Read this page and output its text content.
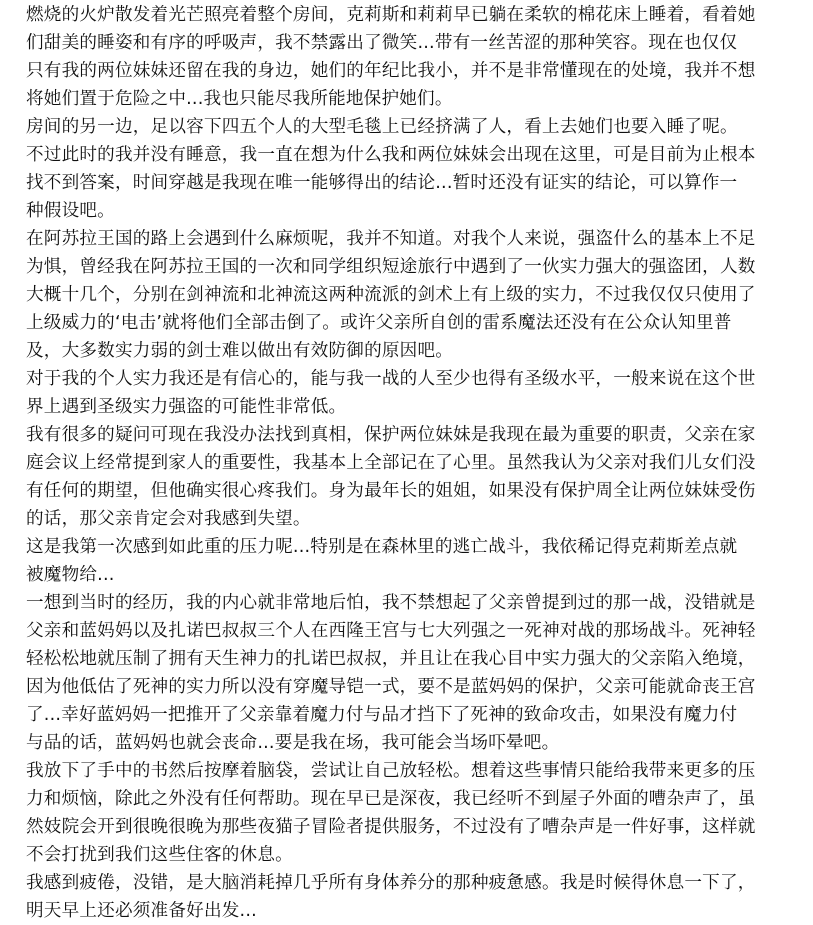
燃烧的火炉散发着光芒照亮着整个房间，克莉斯和莉莉早已躺在柔软的棉花床上睡着，看着她
们甜美的睡姿和有序的呼吸声，我不禁露出了微笑...带有一丝苦涩的那种笑容。现在也仅仅
只有我的两位妹妹还留在我的身边，她们的年纪比我小，并不是非常懂现在的处境，我并不想
将她们置于危险之中...我也只能尽我所能地保护她们。
房间的另一边，足以容下四五个人的大型毛毯上已经挤满了人，看上去她们也要入睡了呢。
不过此时的我并没有睡意，我一直在想为什么我和两位妹妹会出现在这里，可是目前为止根本
找不到答案，时间穿越是我现在唯一能够得出的结论...暂时还没有证实的结论，可以算作一
种假设吧。
在阿苏拉王国的路上会遇到什么麻烦呢，我并不知道。对我个人来说，强盗什么的基本上不足
为惧，曾经我在阿苏拉王国的一次和同学组织短途旅行中遇到了一伙实力强大的强盗团，人数
大概十几个，分别在剑神流和北神流这两种流派的剑术上有上级的实力，不过我仅仅只使用了
上级威力的‘电击’就将他们全部击倒了。或许父亲所自创的雷系魔法还没有在公众认知里普
及，大多数实力弱的剑士难以做出有效防御的原因吧。
对于我的个人实力我还是有信心的，能与我一战的人至少也得有圣级水平，一般来说在这个世
界上遇到圣级实力强盗的可能性非常低。
我有很多的疑问可现在我没办法找到真相，保护两位妹妹是我现在最为重要的职责，父亲在家
庭会议上经常提到家人的重要性，我基本上全部记在了心里。虽然我认为父亲对我们儿女们没
有任何的期望，但他确实很心疼我们。身为最年长的姐姐，如果没有保护周全让两位妹妹受伤
的话，那父亲肯定会对我感到失望。
这是我第一次感到如此重的压力呢...特别是在森林里的逃亡战斗，我依稀记得克莉斯差点就
被魔物给...
一想到当时的经历，我的内心就非常地后怕，我不禁想起了父亲曾提到过的那一战，没错就是
父亲和蓝妈妈以及扎诺巴叔叔三个人在西隆王宫与七大列强之一死神对战的那场战斗。死神轻
轻松松地就压制了拥有天生神力的扎诺巴叔叔，并且让在我心目中实力强大的父亲陷入绝境，
因为他低估了死神的实力所以没有穿魔导铠一式，要不是蓝妈妈的保护，父亲可能就命丧王宫
了...幸好蓝妈妈一把推开了父亲靠着魔力付与品才挡下了死神的致命攻击，如果没有魔力付
与品的话，蓝妈妈也就会丧命...要是我在场，我可能会当场吓晕吧。
我放下了手中的书然后按摩着脑袋，尝试让自己放轻松。想着这些事情只能给我带来更多的压
力和烦恼，除此之外没有任何帮助。现在早已是深夜，我已经听不到屋子外面的嘈杂声了，虽
然妓院会开到很晚很晚为那些夜猫子冒险者提供服务，不过没有了嘈杂声是一件好事，这样就
不会打扰到我们这些住客的休息。
我感到疲倦，没错，是大脑消耗掉几乎所有身体养分的那种疲惫感。我是时候得休息一下了，
明天早上还必须准备好出发...
